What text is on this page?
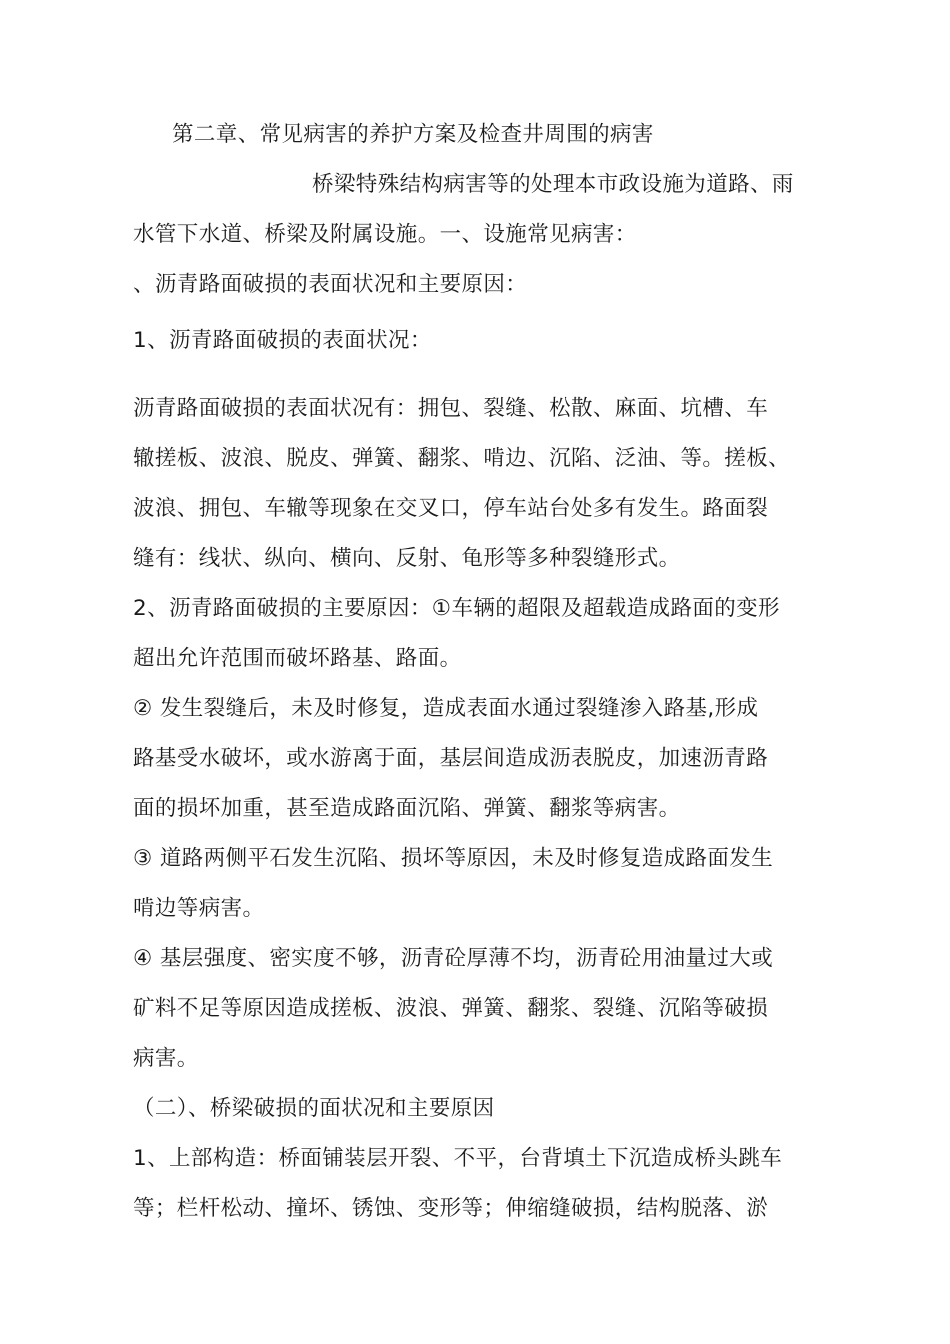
第二章、常见病害的养护方案及检查井周围的病害

桥梁特殊结构病害等的处理本市政设施为道路、雨

水管下水道、桥梁及附属设施。一、设施常见病害：

、沥青路面破损的表面状况和主要原因：

1、沥青路面破损的表面状况：

沥青路面破损的表面状况有：拥包、裂缝、松散、麻面、坑槽、车

辙搓板、波浪、脱皮、弹簧、翻浆、啃边、沉陷、泛油、等。搓板、

波浪、拥包、车辙等现象在交叉口，停车站台处多有发生。路面裂

缝有：线状、纵向、横向、反射、龟形等多种裂缝形式。

2、沥青路面破损的主要原因：①车辆的超限及超载造成路面的变形

超出允许范围而破坏路基、路面。

② 发生裂缝后，未及时修复，造成表面水通过裂缝渗入路基,形成

路基受水破坏，或水游离于面，基层间造成沥表脱皮，加速沥青路

面的损坏加重，甚至造成路面沉陷、弹簧、翻浆等病害。

③ 道路两侧平石发生沉陷、损坏等原因，未及时修复造成路面发生

啃边等病害。

④ 基层强度、密实度不够，沥青砼厚薄不均，沥青砼用油量过大或

矿料不足等原因造成搓板、波浪、弹簧、翻浆、裂缝、沉陷等破损

病害。

（二）、桥梁破损的面状况和主要原因

1、上部构造：桥面铺装层开裂、不平，台背填土下沉造成桥头跳车

等；栏杆松动、撞坏、锈蚀、变形等；伸缩缝破损，结构脱落、淤
